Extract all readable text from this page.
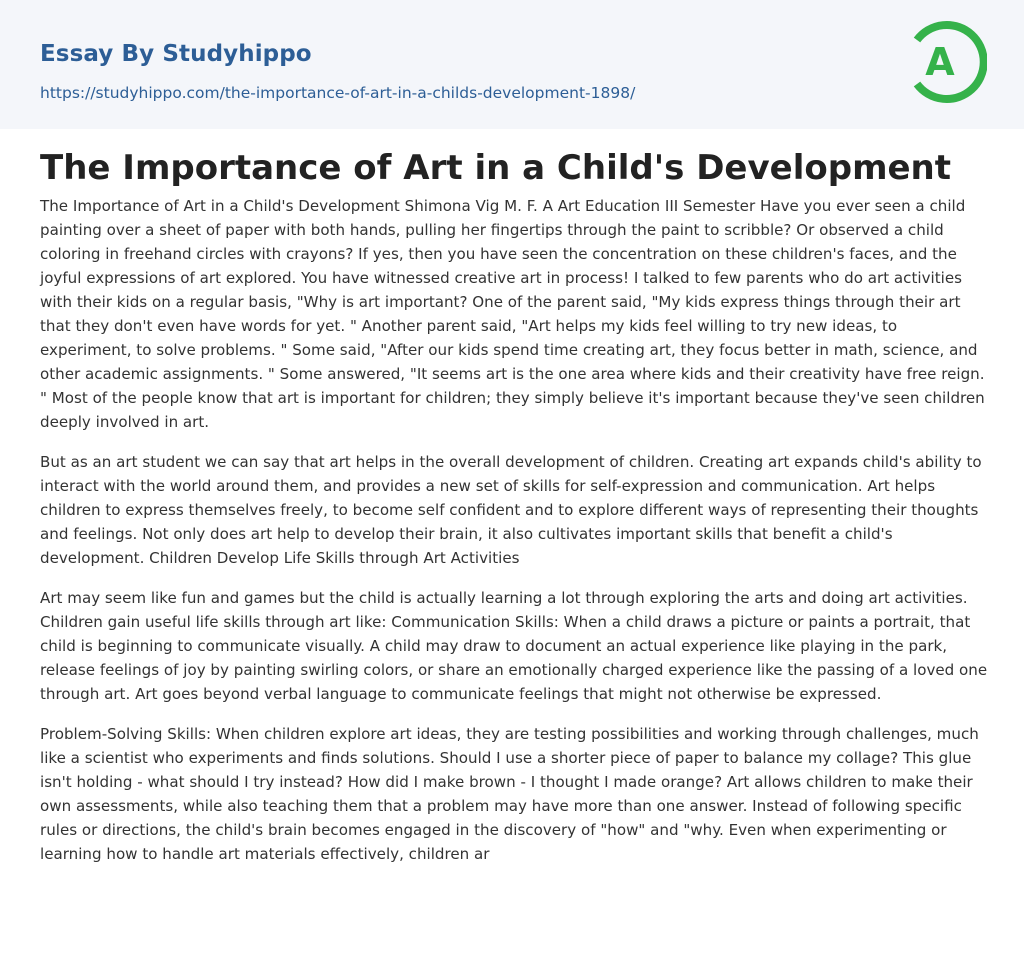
Essay By Studyhippo
https://studyhippo.com/the-importance-of-art-in-a-childs-development-1898/
A
The Importance of Art in a Child's Development

The Importance of Art in a Child's Development Shimona Vig M. F. A Art Education III Semester Have you ever seen a child painting over a sheet of paper with both hands, pulling her fingertips through the paint to scribble? Or observed a child coloring in freehand circles with crayons? If yes, then you have seen the concentration on these children's faces, and the joyful expressions of art explored. You have witnessed creative art in process! I talked to few parents who do art activities with their kids on a regular basis, "Why is art important? One of the parent said, "My kids express things through their art that they don't even have words for yet. " Another parent said, "Art helps my kids feel willing to try new ideas, to experiment, to solve problems. " Some said, "After our kids spend time creating art, they focus better in math, science, and other academic assignments. " Some answered, "It seems art is the one area where kids and their creativity have free reign. " Most of the people know that art is important for children; they simply believe it's important because they've seen children deeply involved in art.

But as an art student we can say that art helps in the overall development of children. Creating art expands child's ability to interact with the world around them, and provides a new set of skills for self-expression and communication. Art helps children to express themselves freely, to become self confident and to explore different ways of representing their thoughts and feelings. Not only does art help to develop their brain, it also cultivates important skills that benefit a child's development. Children Develop Life Skills through Art Activities

Art may seem like fun and games but the child is actually learning a lot through exploring the arts and doing art activities. Children gain useful life skills through art like: Communication Skills: When a child draws a picture or paints a portrait, that child is beginning to communicate visually. A child may draw to document an actual experience like playing in the park, release feelings of joy by painting swirling colors, or share an emotionally charged experience like the passing of a loved one through art. Art goes beyond verbal language to communicate feelings that might not otherwise be expressed.

Problem-Solving Skills: When children explore art ideas, they are testing possibilities and working through challenges, much like a scientist who experiments and finds solutions. Should I use a shorter piece of paper to balance my collage? This glue isn't holding - what should I try instead? How did I make brown - I thought I made orange? Art allows children to make their own assessments, while also teaching them that a problem may have more than one answer. Instead of following specific rules or directions, the child's brain becomes engaged in the discovery of "how" and "why. Even when experimenting or learning how to handle art materials effectively, children ar
